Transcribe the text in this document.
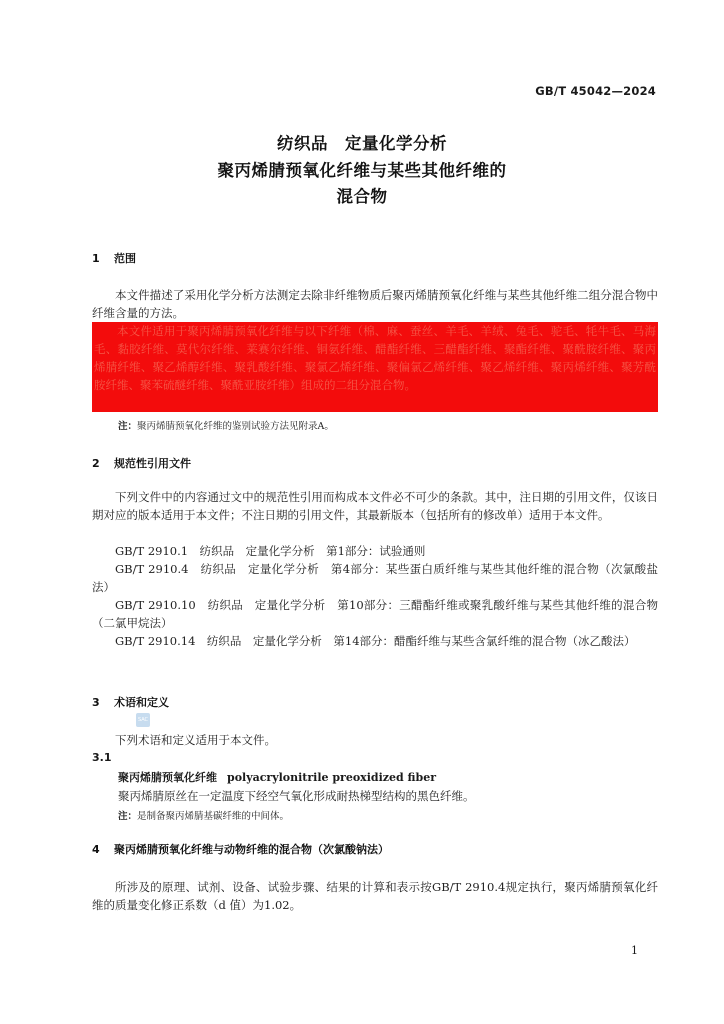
GB/T 45042—2024
纺织品　定量化学分析
聚丙烯腈预氧化纤维与某些其他纤维的
混合物
1 范围
本文件描述了采用化学分析方法测定去除非纤维物质后聚丙烯腈预氧化纤维与某些其他纤维二组分混合物中纤维含量的方法。
本文件适用于聚丙烯腈预氧化纤维与以下纤维（棉、麻、蚕丝、羊毛、羊绒、兔毛、驼毛、牦牛毛、马海毛、黏胶纤维、莫代尔纤维、莱赛尔纤维、铜氨纤维、醋酯纤维、三醋酯纤维、聚酯纤维、聚酰胺纤维、聚丙烯腈纤维、聚乙烯醇纤维、聚乳酸纤维、聚氯乙烯纤维、聚偏氯乙烯纤维、聚乙烯纤维、聚丙烯纤维、聚芳酰胺纤维、聚苯硫醚纤维、聚酰亚胺纤维）组成的二组分混合物。
注：聚丙烯腈预氧化纤维的鉴别试验方法见附录A。
2 规范性引用文件
下列文件中的内容通过文中的规范性引用而构成本文件必不可少的条款。其中，注日期的引用文件，仅该日期对应的版本适用于本文件；不注日期的引用文件，其最新版本（包括所有的修改单）适用于本文件。
GB/T 2910.1　纺织品　定量化学分析　第1部分：试验通则
GB/T 2910.4　纺织品　定量化学分析　第4部分：某些蛋白质纤维与某些其他纤维的混合物（次氯酸盐法）
GB/T 2910.10　纺织品　定量化学分析　第10部分：三醋酯纤维或聚乳酸纤维与某些其他纤维的混合物（二氯甲烷法）
GB/T 2910.14　纺织品　定量化学分析　第14部分：醋酯纤维与某些含氯纤维的混合物（冰乙酸法）
3 术语和定义
SAC
下列术语和定义适用于本文件。
3.1
聚丙烯腈预氧化纤维 polyacrylonitrile preoxidized fiber
聚丙烯腈原丝在一定温度下经空气氧化形成耐热梯型结构的黑色纤维。
注：是制备聚丙烯腈基碳纤维的中间体。
4 聚丙烯腈预氧化纤维与动物纤维的混合物（次氯酸钠法）
所涉及的原理、试剂、设备、试验步骤、结果的计算和表示按GB/T 2910.4规定执行，聚丙烯腈预氧化纤维的质量变化修正系数（d 值）为1.02。
1
